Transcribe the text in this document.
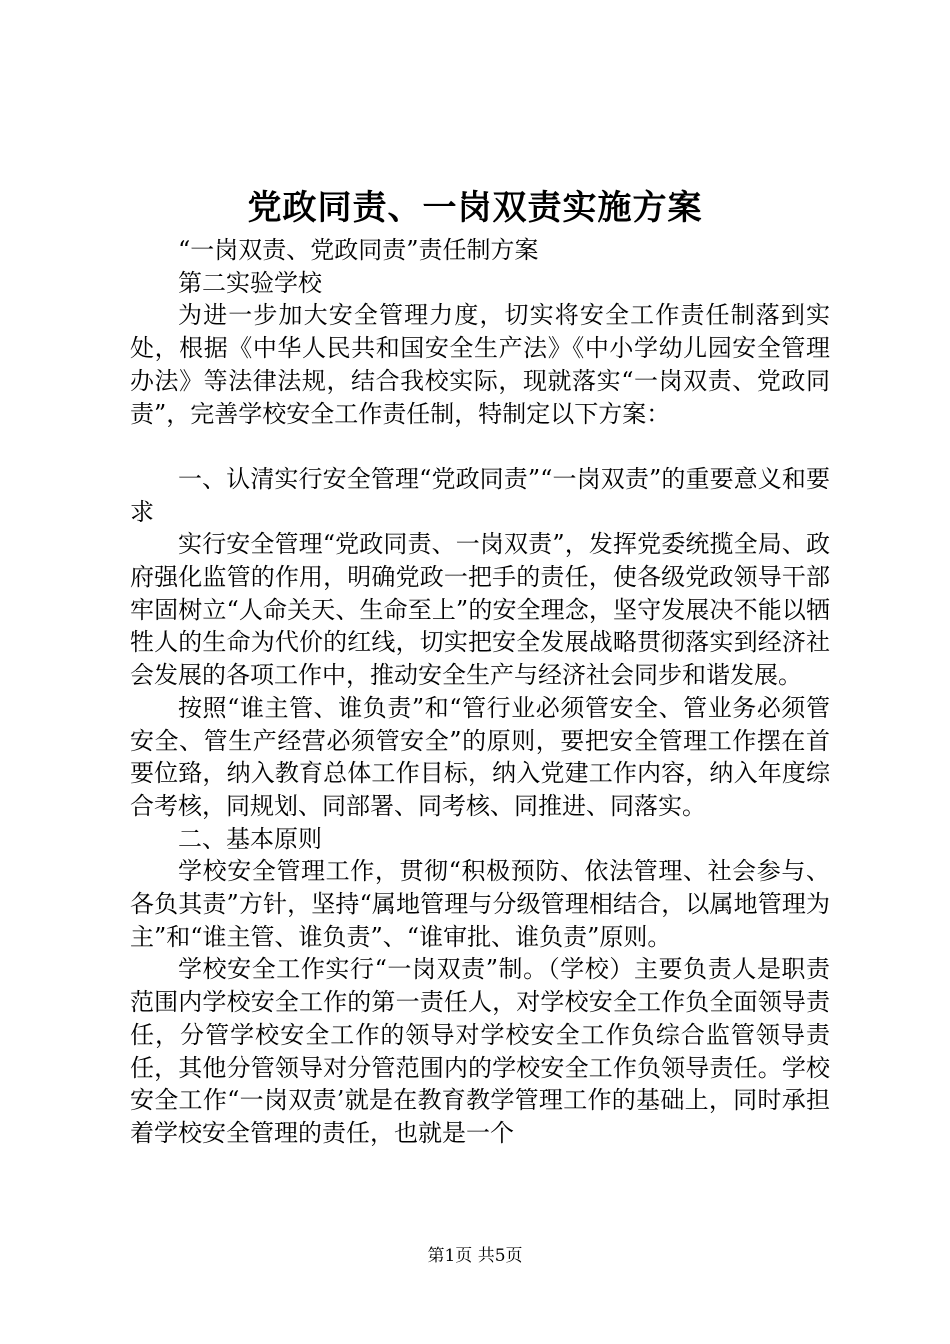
党政同责、一岗双责实施方案

“一岗双责、党政同责”责任制方案

第二实验学校

为进一步加大安全管理力度，切实将安全工作责任制落到实处，根据《中华人民共和国安全生产法》《中小学幼儿园安全管理办法》等法律法规，结合我校实际，现就落实“一岗双责、党政同责”，完善学校安全工作责任制，特制定以下方案：

一、认清实行安全管理“党政同责”“一岗双责”的重要意义和要求

实行安全管理“党政同责、一岗双责”，发挥党委统揽全局、政府强化监管的作用，明确党政一把手的责任，使各级党政领导干部牢固树立“人命关天、生命至上”的安全理念，坚守发展决不能以牺牲人的生命为代价的红线，切实把安全发展战略贯彻落实到经济社会发展的各项工作中，推动安全生产与经济社会同步和谐发展。

按照“谁主管、谁负责”和“管行业必须管安全、管业务必须管安全、管生产经营必须管安全”的原则，要把安全管理工作摆在首要位臵，纳入教育总体工作目标，纳入党建工作内容，纳入年度综合考核，同规划、同部署、同考核、同推进、同落实。

二、基本原则

学校安全管理工作，贯彻“积极预防、依法管理、社会参与、各负其责”方针，坚持“属地管理与分级管理相结合，以属地管理为主”和“谁主管、谁负责”、“谁审批、谁负责”原则。

学校安全工作实行“一岗双责”制。（学校）主要负责人是职责范围内学校安全工作的第一责任人，对学校安全工作负全面领导责任，分管学校安全工作的领导对学校安全工作负综合监管领导责任，其他分管领导对分管范围内的学校安全工作负领导责任。学校安全工作“一岗双责’就是在教育教学管理工作的基础上，同时承担着学校安全管理的责任，也就是一个

第1页 共5页
